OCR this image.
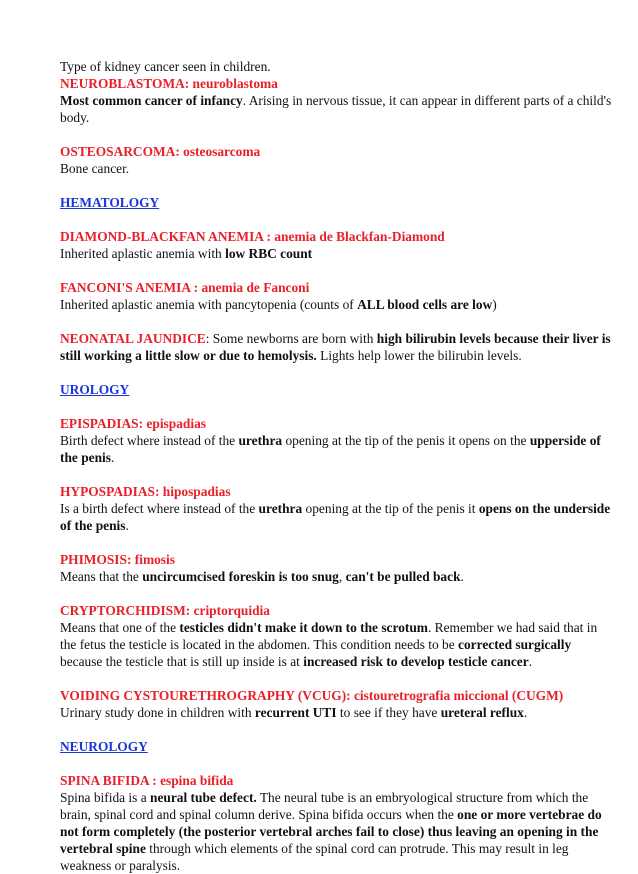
Type of kidney cancer seen in children.
NEUROBLASTOMA: neuroblastoma
Most common cancer of infancy. Arising in nervous tissue, it can appear in different parts of a child's
body.
OSTEOSARCOMA: osteosarcoma
Bone cancer.
HEMATOLOGY
DIAMOND-BLACKFAN ANEMIA : anemia de Blackfan-Diamond
Inherited aplastic anemia with low RBC count
FANCONI'S ANEMIA : anemia de Fanconi
Inherited aplastic anemia with pancytopenia (counts of ALL blood cells are low)
NEONATAL JAUNDICE: Some newborns are born with high bilirubin levels because their liver is
still working a little slow or due to hemolysis. Lights help lower the bilirubin levels.
UROLOGY
EPISPADIAS: epispadias
Birth defect where instead of the urethra opening at the tip of the penis it opens on the upperside of
the penis.
HYPOSPADIAS: hipospadias
Is a birth defect where instead of the urethra opening at the tip of the penis it opens on the underside
of the penis.
PHIMOSIS: fimosis
Means that the uncircumcised foreskin is too snug, can't be pulled back.
CRYPTORCHIDISM: criptorquidia
Means that one of the testicles didn't make it down to the scrotum. Remember we had said that in
the fetus the testicle is located in the abdomen. This condition needs to be corrected surgically
because the testicle that is still up inside is at increased risk to develop testicle cancer.
VOIDING CYSTOURETHROGRAPHY (VCUG): cistouretrografia miccional (CUGM)
Urinary study done in children with recurrent UTI to see if they have ureteral reflux.
NEUROLOGY
SPINA BIFIDA : espina bifida
Spina bifida is a neural tube defect. The neural tube is an embryological structure from which the
brain, spinal cord and spinal column derive. Spina bifida occurs when the one or more vertebrae do
not form completely (the posterior vertebral arches fail to close) thus leaving an opening in the
vertebral spine through which elements of the spinal cord can protrude. This may result in leg
weakness or paralysis.
